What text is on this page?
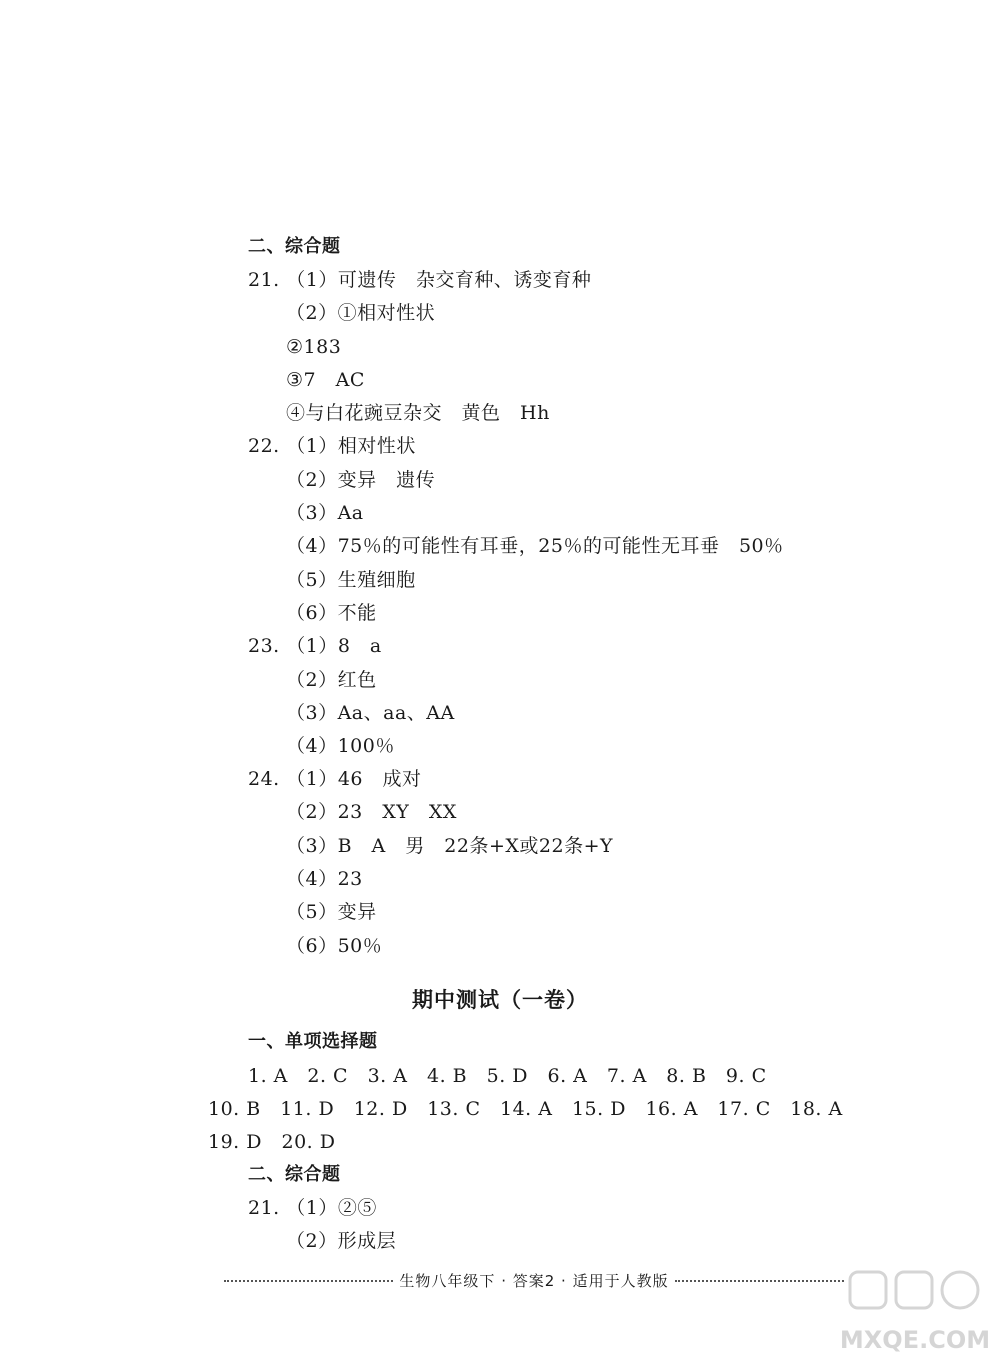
二、综合题
21. （1）可遗传　杂交育种、诱变育种
（2）①相对性状
②183
③7　AC
④与白花豌豆杂交　黄色　Hh
22. （1）相对性状
（2）变异　遗传
（3）Aa
（4）75％的可能性有耳垂，25％的可能性无耳垂　50％
（5）生殖细胞
（6）不能
23. （1）8　a
（2）红色
（3）Aa、aa、AA
（4）100％
24. （1）46　成对
（2）23　XY　XX
（3）B　A　男　22条+X或22条+Y
（4）23
（5）变异
（6）50％
期中测试（一卷）
一、单项选择题
1. A　2. C　3. A　4. B　5. D　6. A　7. A　8. B　9. C
10. B　11. D　12. D　13. C　14. A　15. D　16. A　17. C　18. A
19. D　20. D
二、综合题
21. （1）②⑤
（2）形成层
生物八年级下 · 答案2 · 适用于人教版
MXQE.COM
